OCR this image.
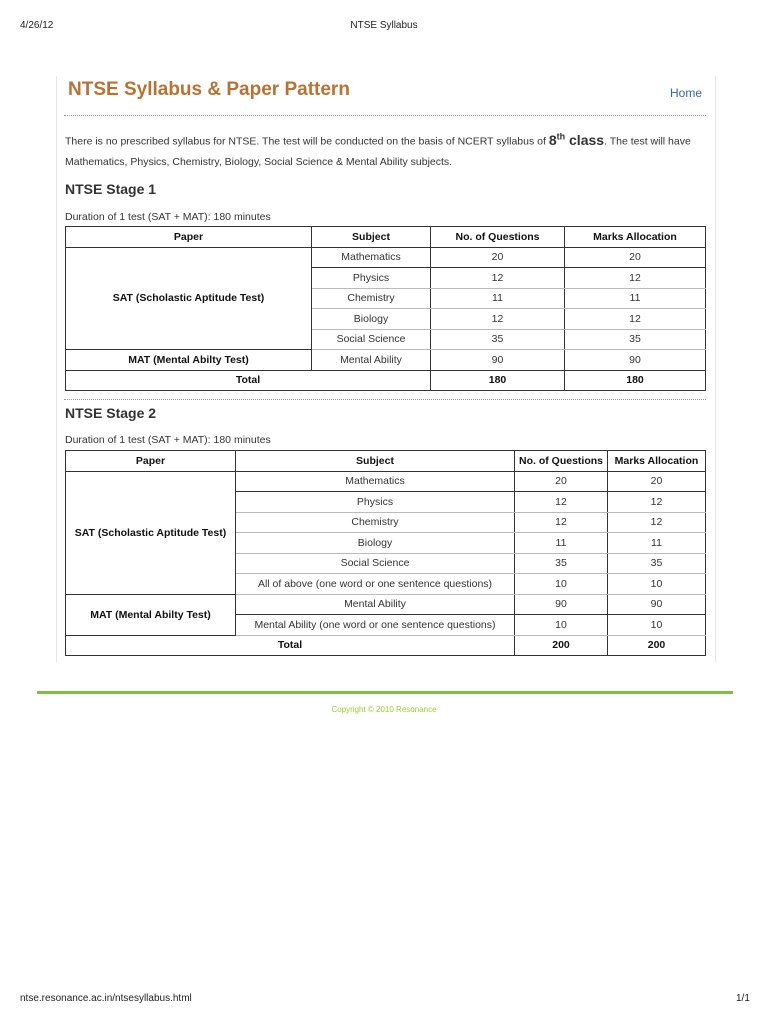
4/26/12	NTSE Syllabus
NTSE Syllabus & Paper Pattern	Home
There is no prescribed syllabus for NTSE. The test will be conducted on the basis of NCERT syllabus of 8th class. The test will have Mathematics, Physics, Chemistry, Biology, Social Science & Mental Ability subjects.
NTSE Stage 1
Duration of 1 test (SAT + MAT): 180 minutes
Paper	Subject	No. of Questions	Marks Allocation
SAT (Scholastic Aptitude Test)	Mathematics	20	20
	Physics	12	12
	Chemistry	11	11
	Biology	12	12
	Social Science	35	35
MAT (Mental Abilty Test)	Mental Ability	90	90
Total		180	180
NTSE Stage 2
Duration of 1 test (SAT + MAT): 180 minutes
Paper	Subject	No. of Questions	Marks Allocation
SAT (Scholastic Aptitude Test)	Mathematics	20	20
	Physics	12	12
	Chemistry	12	12
	Biology	11	11
	Social Science	35	35
	All of above (one word or one sentence questions)	10	10
MAT (Mental Abilty Test)	Mental Ability	90	90
	Mental Ability (one word or one sentence questions)	10	10
Total		200	200
Copyright © 2010 Resonance
ntse.resonance.ac.in/ntsesyllabus.html	1/1
